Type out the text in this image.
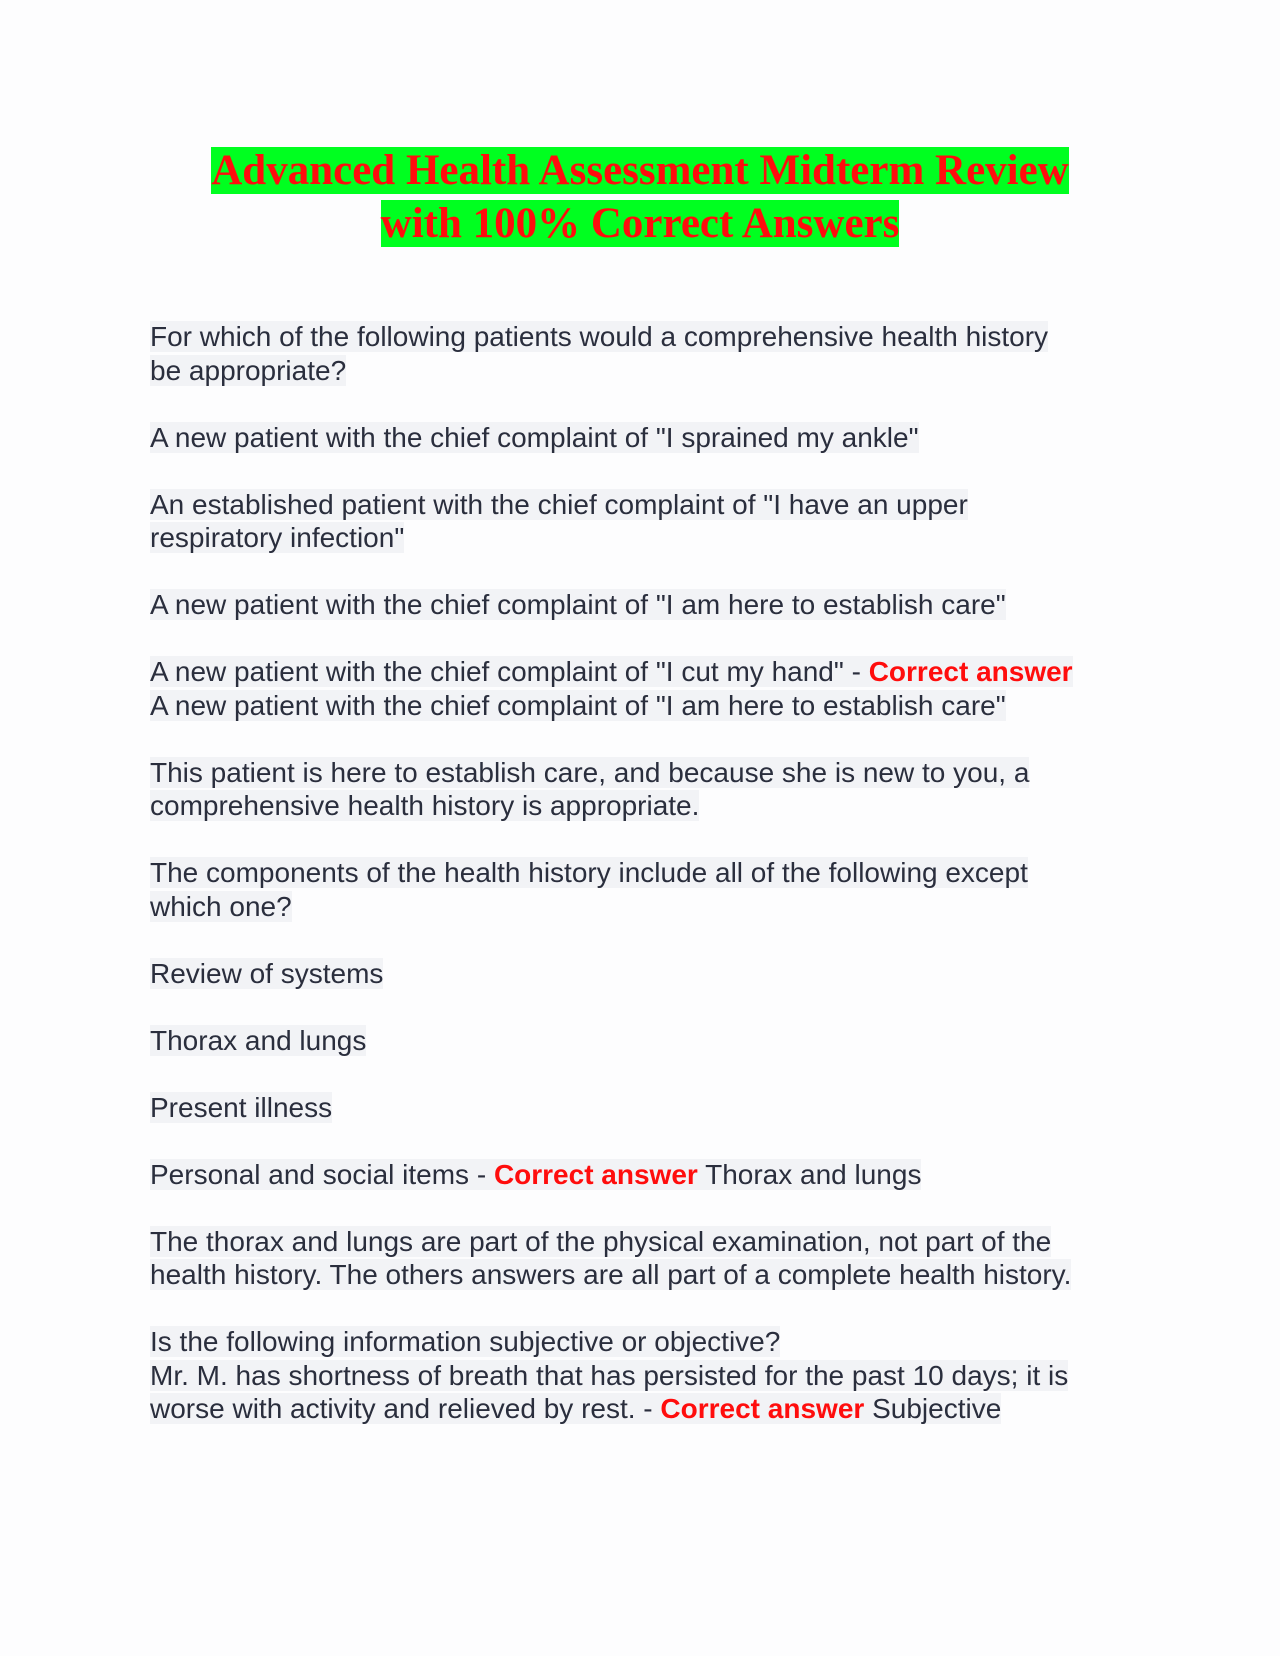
Advanced Health Assessment Midterm Review
with 100% Correct Answers

For which of the following patients would a comprehensive health history
be appropriate?

A new patient with the chief complaint of "I sprained my ankle"

An established patient with the chief complaint of "I have an upper
respiratory infection"

A new patient with the chief complaint of "I am here to establish care"

A new patient with the chief complaint of "I cut my hand" - Correct answer
A new patient with the chief complaint of "I am here to establish care"

This patient is here to establish care, and because she is new to you, a
comprehensive health history is appropriate.

The components of the health history include all of the following except
which one?

Review of systems

Thorax and lungs

Present illness

Personal and social items - Correct answer Thorax and lungs

The thorax and lungs are part of the physical examination, not part of the
health history. The others answers are all part of a complete health history.

Is the following information subjective or objective?
Mr. M. has shortness of breath that has persisted for the past 10 days; it is
worse with activity and relieved by rest. - Correct answer Subjective
